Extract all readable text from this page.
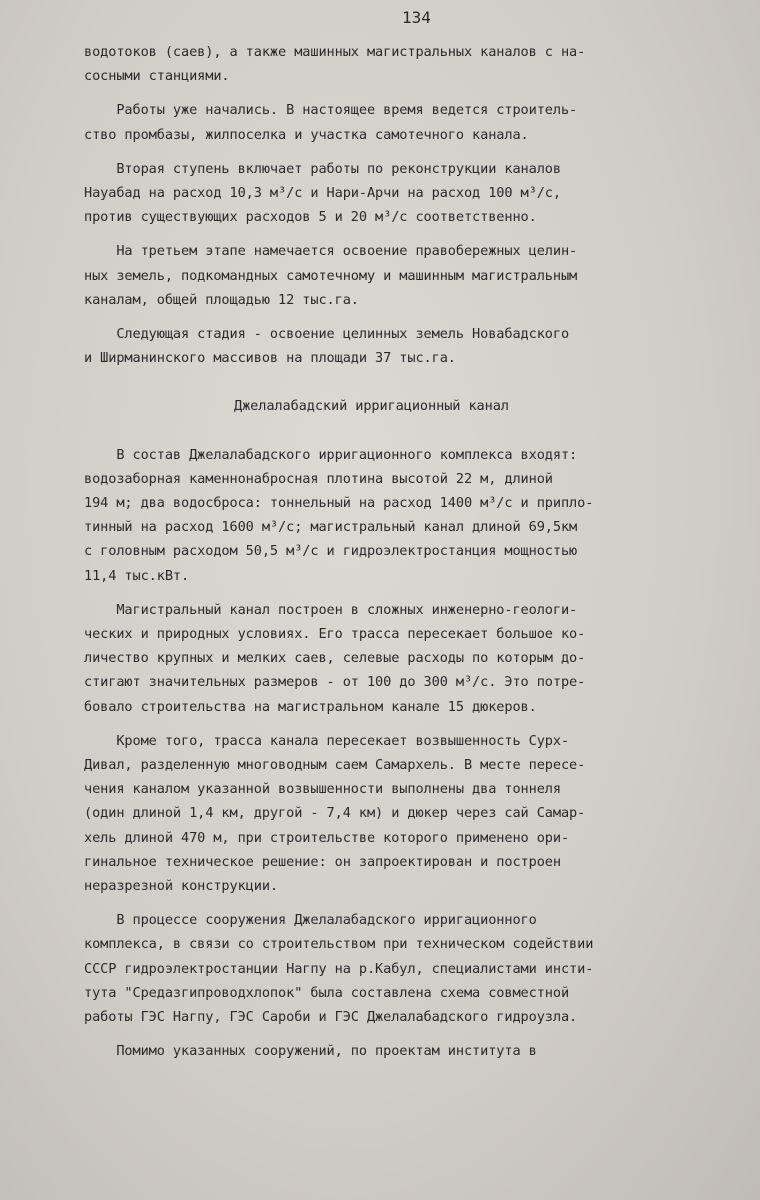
134
водотоков (саев), а также машинных магистральных каналов с на-
сосными станциями.
Работы уже начались. В настоящее время ведется строитель-
ство промбазы, жилпоселка и участка самотечного канала.
Вторая ступень включает работы по реконструкции каналов
Науабад на расход 10,3 м³/с и Нари-Арчи на расход 100 м³/с,
против существующих расходов 5 и 20 м³/с соответственно.
На третьем этапе намечается освоение правобережных целин-
ных земель, подкомандных самотечному и машинным магистральным
каналам, общей площадью 12 тыс.га.
Следующая стадия - освоение целинных земель Новабадского
и Ширманинского массивов на площади 37 тыс.га.
Джелалабадский ирригационный канал
В состав Джелалабадского ирригационного комплекса входят:
водозаборная каменнонабросная плотина высотой 22 м, длиной
194 м; два водосброса: тоннельный на расход 1400 м³/с и припло-
тинный на расход 1600 м³/с; магистральный канал длиной 69,5км
с головным расходом 50,5 м³/с и гидроэлектростанция мощностью
11,4 тыс.кВт.
Магистральный канал построен в сложных инженерно-геологи-
ческих и природных условиях. Его трасса пересекает большое ко-
личество крупных и мелких саев, селевые расходы по которым до-
стигают значительных размеров - от 100 до 300 м³/с. Это потре-
бовало строительства на магистральном канале 15 дюкеров.
Кроме того, трасса канала пересекает возвышенность Сурх-
Дивал, разделенную многоводным саем Самархель. В месте пересе-
чения каналом указанной возвышенности выполнены два тоннеля
(один длиной 1,4 км, другой - 7,4 км) и дюкер через сай Самар-
хель длиной 470 м, при строительстве которого применено ори-
гинальное техническое решение: он запроектирован и построен
неразрезной конструкции.
В процессе сооружения Джелалабадского ирригационного
комплекса, в связи со строительством при техническом содействии
СССР гидроэлектростанции Нагпу на р.Кабул, специалистами инсти-
тута "Средазгипроводхлопок" была составлена схема совместной
работы ГЭС Нагпу, ГЭС Сароби и ГЭС Джелалабадского гидроузла.
Помимо указанных сооружений, по проектам института в
